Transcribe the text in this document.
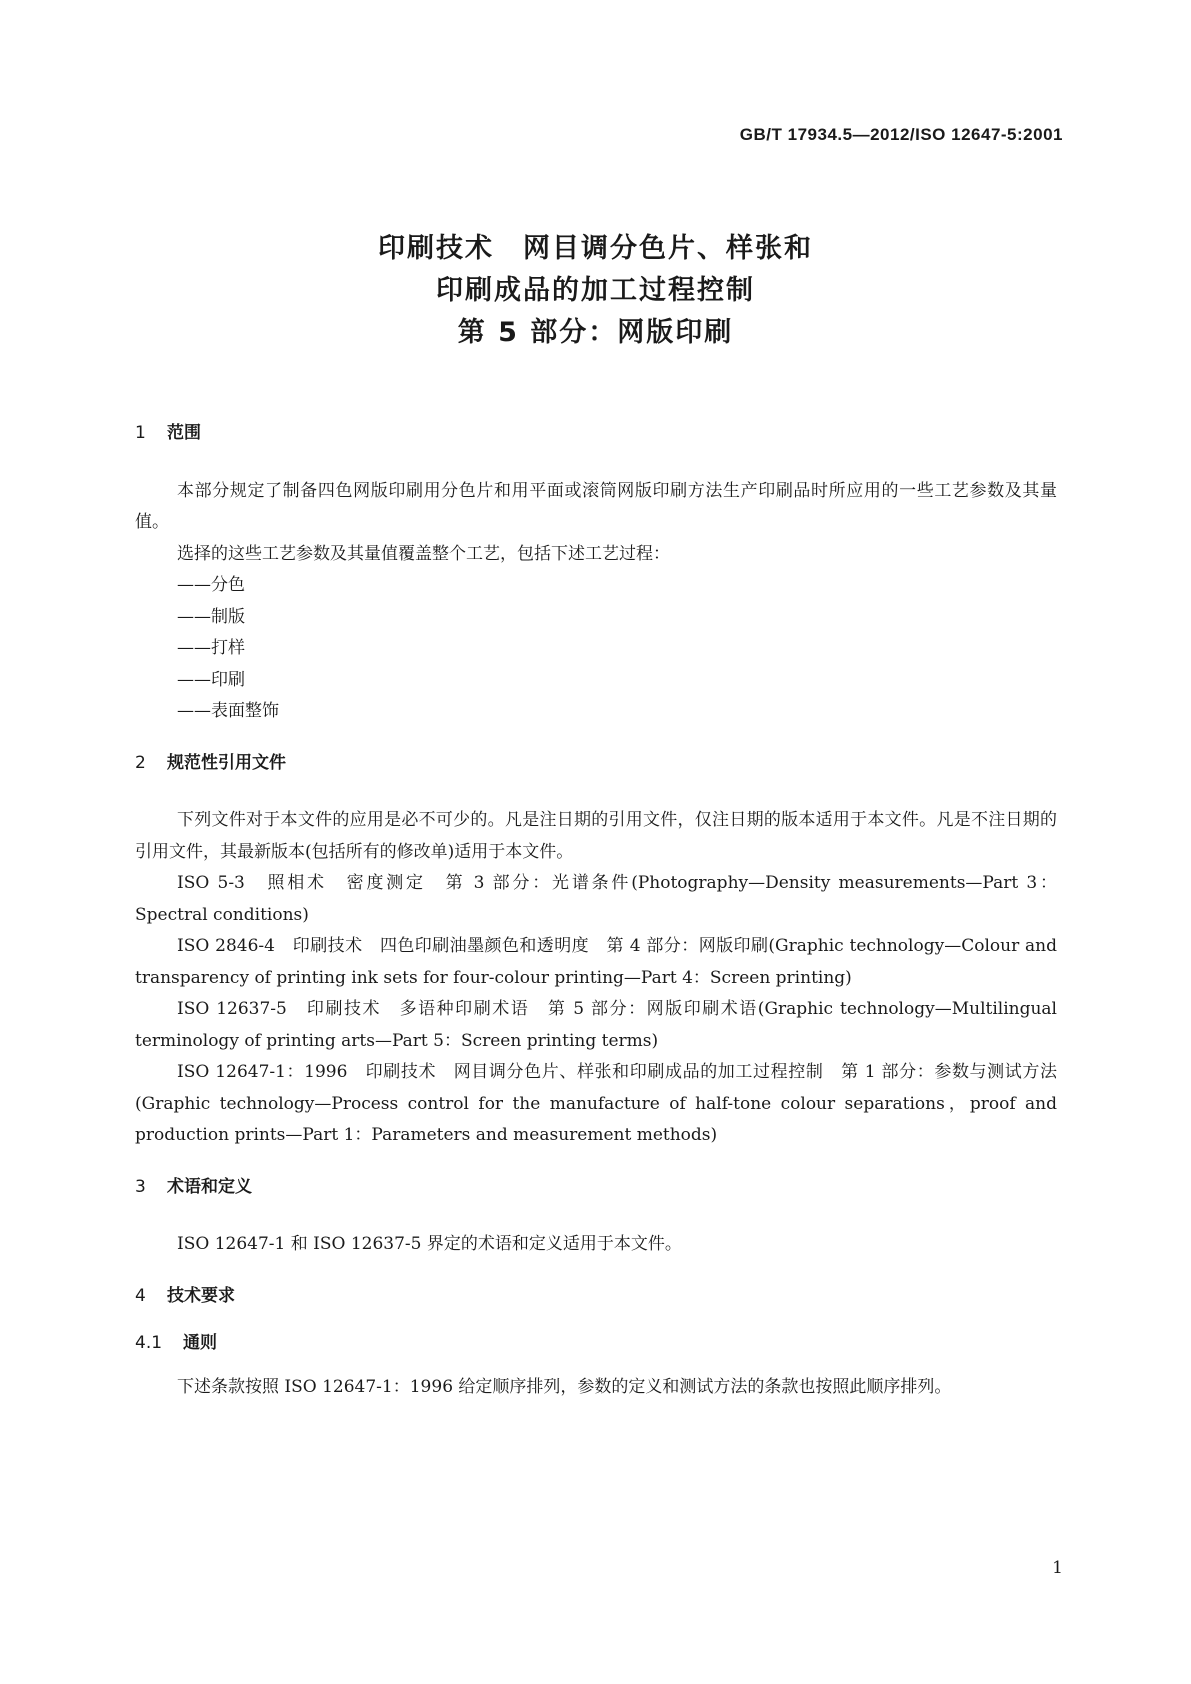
GB/T 17934.5—2012/ISO 12647-5:2001
印刷技术　网目调分色片、样张和
印刷成品的加工过程控制
第 5 部分：网版印刷

1 范围

本部分规定了制备四色网版印刷用分色片和用平面或滚筒网版印刷方法生产印刷品时所应用的一些工艺参数及其量值。

选择的这些工艺参数及其量值覆盖整个工艺，包括下述工艺过程：

——分色

——制版

——打样

——印刷

——表面整饰

2 规范性引用文件

下列文件对于本文件的应用是必不可少的。凡是注日期的引用文件，仅注日期的版本适用于本文件。凡是不注日期的引用文件，其最新版本(包括所有的修改单)适用于本文件。

ISO 5-3　照相术　密度测定　第 3 部分：光谱条件(Photography—Density measurements—Part 3：Spectral conditions)

ISO 2846-4　印刷技术　四色印刷油墨颜色和透明度　第 4 部分：网版印刷(Graphic technology—Colour and transparency of printing ink sets for four-colour printing—Part 4：Screen printing)

ISO 12637-5　印刷技术　多语种印刷术语　第 5 部分：网版印刷术语(Graphic technology—Multilingual terminology of printing arts—Part 5：Screen printing terms)

ISO 12647-1：1996　印刷技术　网目调分色片、样张和印刷成品的加工过程控制　第 1 部分：参数与测试方法(Graphic technology—Process control for the manufacture of half-tone colour separations，proof and production prints—Part 1：Parameters and measurement methods)

3 术语和定义

ISO 12647-1 和 ISO 12637-5 界定的术语和定义适用于本文件。

4 技术要求

4.1 通则

下述条款按照 ISO 12647-1：1996 给定顺序排列，参数的定义和测试方法的条款也按照此顺序排列。

1
